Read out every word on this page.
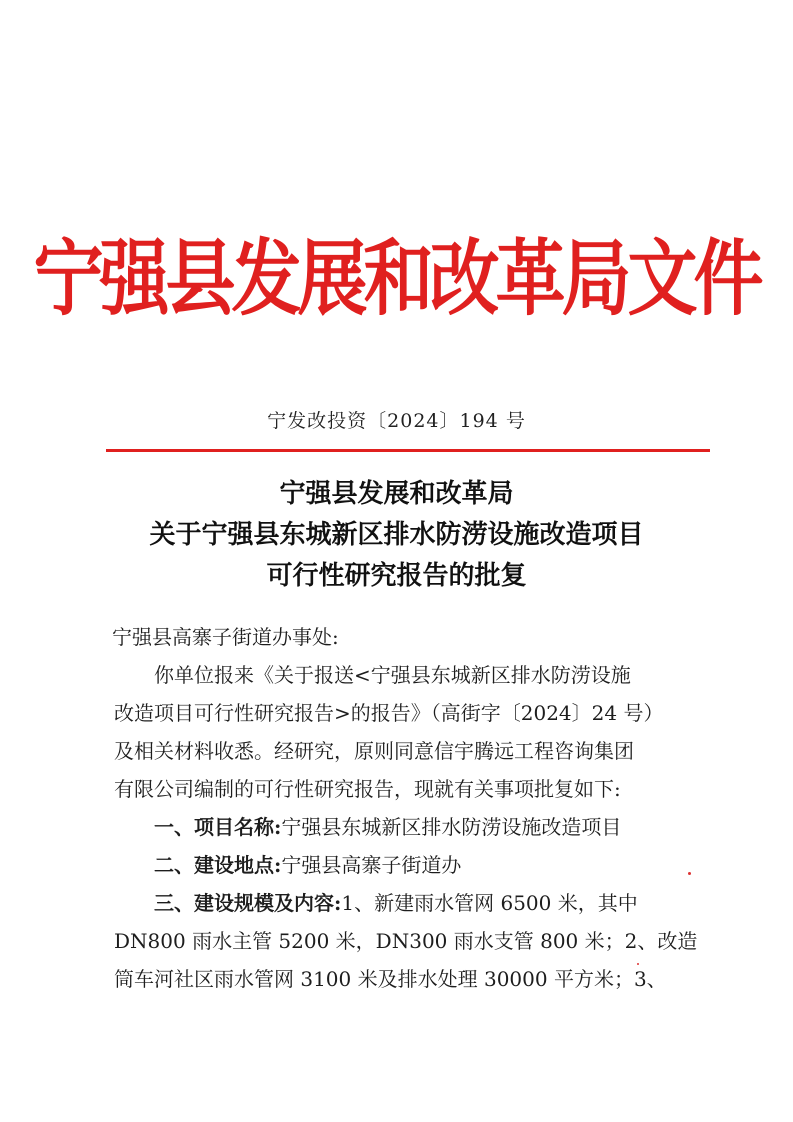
宁强县发展和改革局文件
宁发改投资〔2024〕194 号
宁强县发展和改革局
关于宁强县东城新区排水防涝设施改造项目
可行性研究报告的批复
宁强县高寨子街道办事处:
你单位报来《关于报送<宁强县东城新区排水防涝设施
改造项目可行性研究报告>的报告》（高街字〔2024〕24 号）
及相关材料收悉。经研究，原则同意信宇腾远工程咨询集团
有限公司编制的可行性研究报告，现就有关事项批复如下:
一、项目名称:宁强县东城新区排水防涝设施改造项目
二、建设地点:宁强县高寨子街道办
三、建设规模及内容:1、新建雨水管网 6500 米，其中
DN800 雨水主管 5200 米，DN300 雨水支管 800 米；2、改造
筒车河社区雨水管网 3100 米及排水处理 30000 平方米；3、
